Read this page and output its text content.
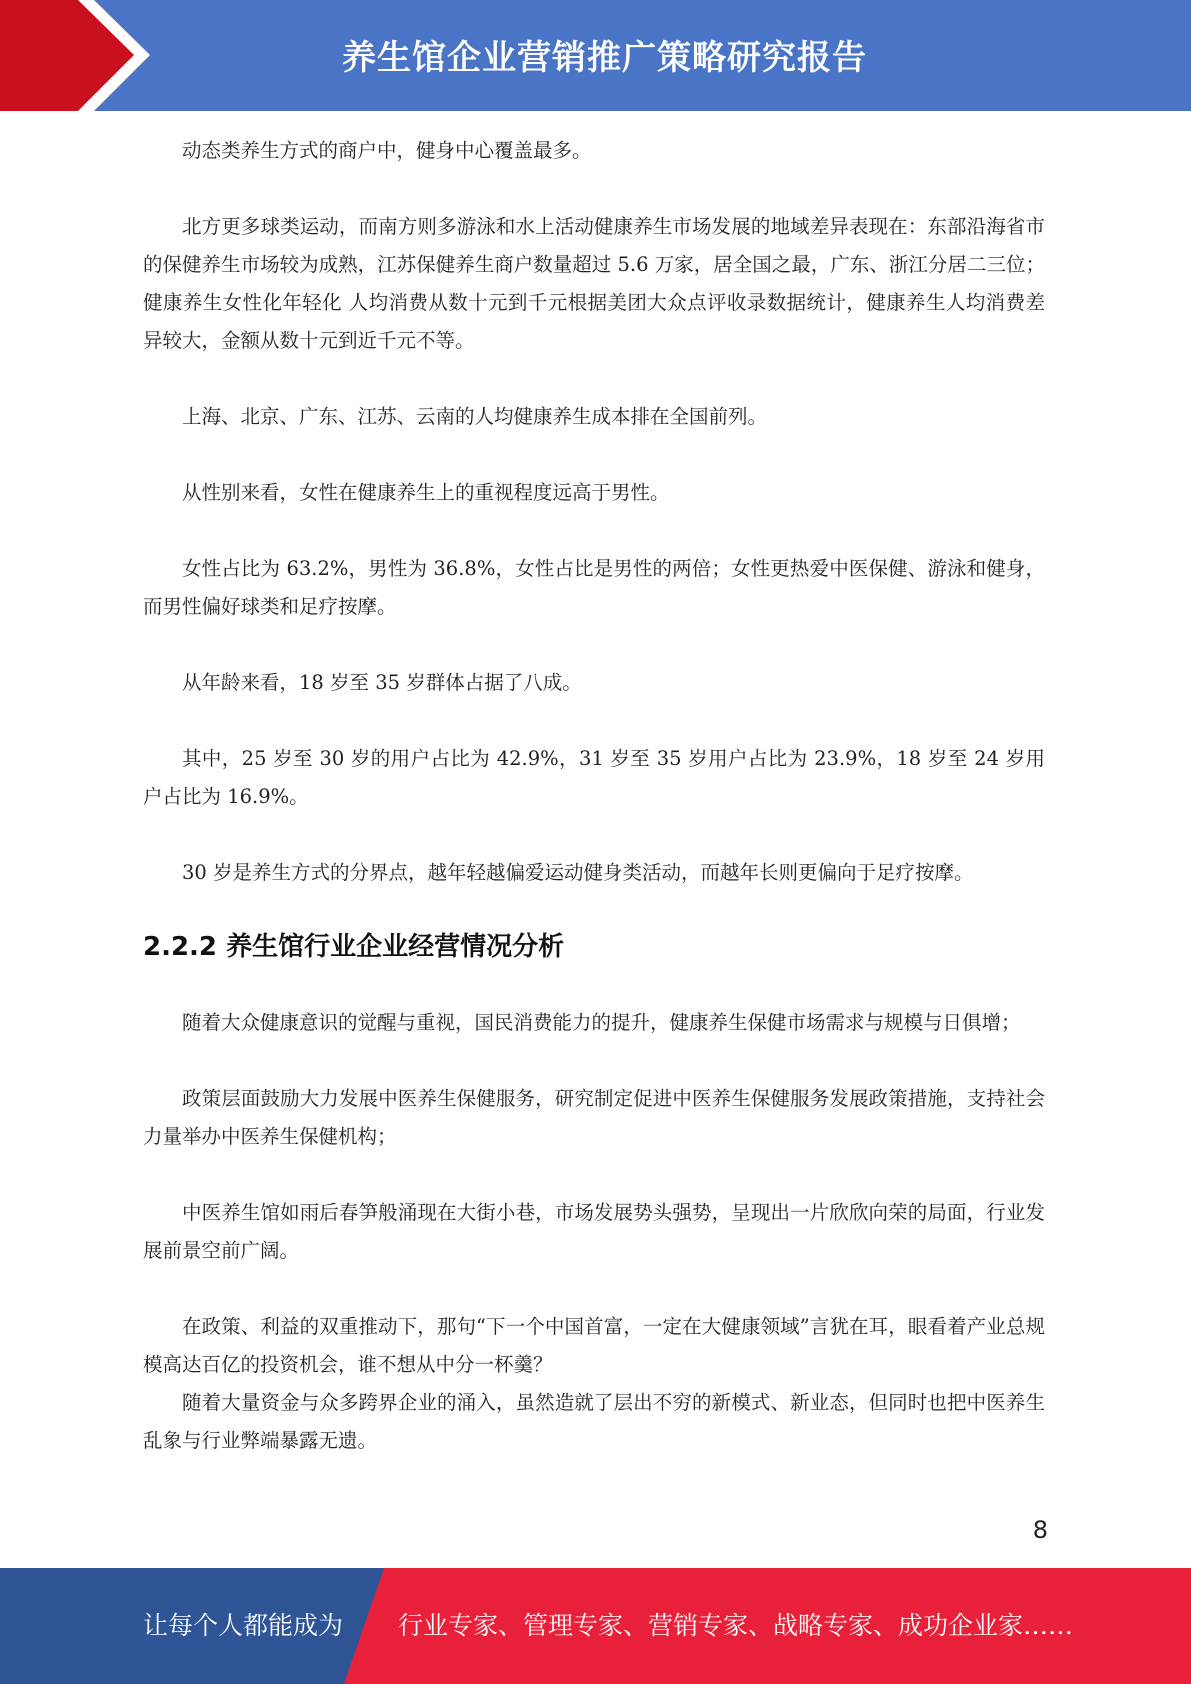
养生馆企业营销推广策略研究报告

动态类养生方式的商户中，健身中心覆盖最多。

北方更多球类运动，而南方则多游泳和水上活动健康养生市场发展的地域差异表现在：东部沿海省市的保健养生市场较为成熟，江苏保健养生商户数量超过 5.6 万家，居全国之最，广东、浙江分居二三位；健康养生女性化年轻化 人均消费从数十元到千元根据美团大众点评收录数据统计，健康养生人均消费差异较大，金额从数十元到近千元不等。

上海、北京、广东、江苏、云南的人均健康养生成本排在全国前列。

从性别来看，女性在健康养生上的重视程度远高于男性。

女性占比为 63.2%，男性为 36.8%，女性占比是男性的两倍；女性更热爱中医保健、游泳和健身，而男性偏好球类和足疗按摩。

从年龄来看，18 岁至 35 岁群体占据了八成。

其中，25 岁至 30 岁的用户占比为 42.9%，31 岁至 35 岁用户占比为 23.9%，18 岁至 24 岁用户占比为 16.9%。

30 岁是养生方式的分界点，越年轻越偏爱运动健身类活动，而越年长则更偏向于足疗按摩。

2.2.2 养生馆行业企业经营情况分析

随着大众健康意识的觉醒与重视，国民消费能力的提升，健康养生保健市场需求与规模与日俱增；

政策层面鼓励大力发展中医养生保健服务，研究制定促进中医养生保健服务发展政策措施，支持社会力量举办中医养生保健机构；

中医养生馆如雨后春笋般涌现在大街小巷，市场发展势头强势，呈现出一片欣欣向荣的局面，行业发展前景空前广阔。

在政策、利益的双重推动下，那句“下一个中国首富，一定在大健康领域”言犹在耳，眼看着产业总规模高达百亿的投资机会，谁不想从中分一杯羹？

随着大量资金与众多跨界企业的涌入，虽然造就了层出不穷的新模式、新业态，但同时也把中医养生乱象与行业弊端暴露无遗。

8
让每个人都能成为 行业专家、管理专家、营销专家、战略专家、成功企业家……
